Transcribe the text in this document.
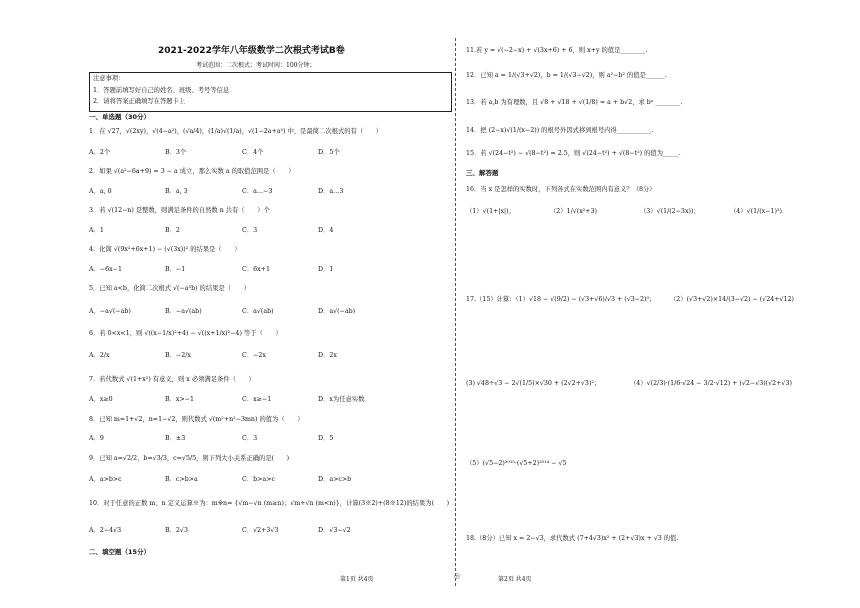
2021-2022学年八年级数学二次根式考试B卷
考试范围：二次根式；考试时间：100分钟；
注意事项：
1．答题前填写好自己的姓名、班级、考号等信息
2．请将答案正确填写在答题卡上
一、单选题（30分）
1．在 √27，√(2xy)，√(4−a²)，(√a/4)，(1/a)√(1/a)，√(1−2a+a²) 中，是最简二次根式的有（　　）
A．2个	B．3个	C．4个	D．5个
2．如果 √(a²−6a+9) = 3 − a 成立，那么实数 a 的取值范围是（　　）
A．a, 0	B．a, 3	C．a…−3	D．a…3
3．若 √(12−n) 是整数，则满足条件的自然数 n 共有（　　）个
A．1	B．2	C．3	D．4
4．化简 √(9x²+6x+1) − (√(3x))² 的结果是（　　）
A．−6x−1	B．−1	C．6x+1	D．1
5．已知 a<b，化简二次根式 √(−a³b) 的结果是（　　）
A．−a√(−ab)	B．−a√(ab)	C．a√(ab)	D．a√(−ab)
6．若 0<x<1，则 √((x−1/x)²+4) − √((x+1/x)²−4) 等于（　　）
A．2/x	B．−2/x	C．−2x	D．2x
7．若代数式 √(1+x²) 有意义，则 x 必须满足条件（　　）
A．x≥0	B．x>−1	C．x≥−1	D．x为任意实数
8．已知 m=1+√2，n=1−√2，则代数式 √(m²+n²−3mn) 的值为（　　）
A．9	B．±3	C．3	D．5
9．已知 a=√2/2，b=√3/3，c=√5/5，则下列大小关系正确的是(　　)
A．a>b>c	B．c>b>a	C．b>a>c	D．a>c>b
10．对于任意的正数 m、n 定义运算※为：m※n= {√m−√n (m≥n)；√m+√n (m<n)}，计算(3※2)+(8※12)的结果为(　　)
A．2−4√3	B．2√3	C．√2+3√3	D．√3−√2
二、填空题（15分）
第1页 共4页
11.若 y = √(−2−x) + √(3x+6) + 6，则 x+y 的值是________.
12．已知 a = 1/(√3+√2)，b = 1/(√3−√2)，则 a²−b² 的值是______.
13．若 a,b 为有理数，且 √8 + √18 + √(1/8) = a + b√2，求 bᵃ ________.
14．把 (2−x)√(1/(x−2)) 的根号外因式移到根号内得___________.
15．若 √(24−t²) − √(8−t²) = 2.5，则 √(24−t²) + √(8−t²) 的值为_____.
三、解答题
16．当 x 是怎样的实数时，下列各式在实数范围内有意义？（8分）
（1）√(1+|x|)；	（2）1/√(x²+3)	（3）√(1/(2−3x))；	（4）√(1/(x−1)²)．
17.（15）计算：（1）√18 − √(9/2) − (√3+√6)/√3 + (√3−2)⁰； （2）(√3+√2)×14/(3−√2) − (√24+√12)
(3) √48÷√3 − 2√(1/5)×√30 + (2√2+√3)²；	（4）√(2/3)·(1/6·√24 − 3/2·√12) + (√2−√3)(√2+√3)
（5）(√5−2)²⁰¹⁵·(√5+2)²⁰¹⁴ − √5
18.（8分）已知 x = 2−√3，求代数式 (7+4√3)x² + (2+√3)x + √3 的值.
第2页 共4页
◎
